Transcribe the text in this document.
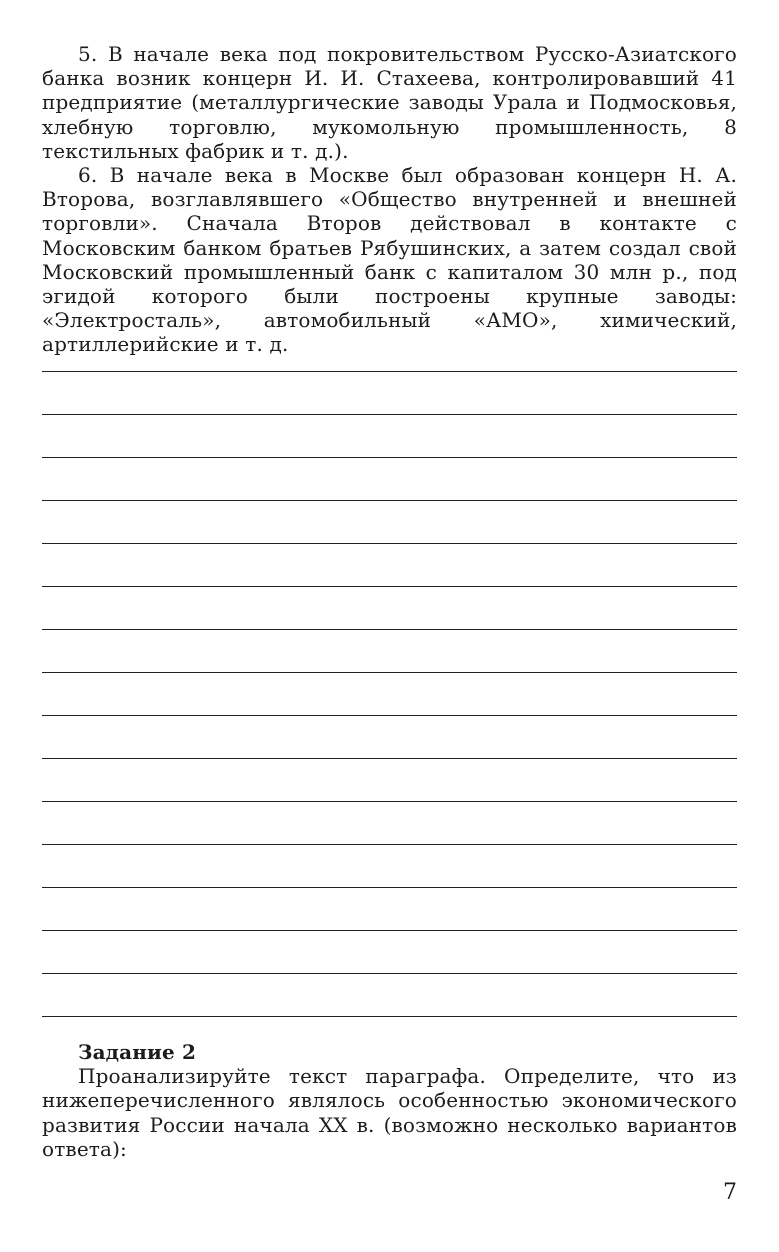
5. В начале века под покровительством Русско-Азиатского банка возник концерн И. И. Стахеева, контролировавший 41 предприятие (металлургические заводы Урала и Подмосковья, хлебную торговлю, мукомольную промышленность, 8 текстильных фабрик и т. д.).

6. В начале века в Москве был образован концерн Н. А. Второва, возглавлявшего «Общество внутренней и внешней торговли». Сначала Второв действовал в контакте с Московским банком братьев Рябушинских, а затем создал свой Московский промышленный банк с капиталом 30 млн р., под эгидой которого были построены крупные заводы: «Электросталь», автомобильный «АМО», химический, артиллерийские и т. д.

Задание 2

Проанализируйте текст параграфа. Определите, что из нижеперечисленного являлось особенностью экономического развития России начала XX в. (возможно несколько вариантов ответа):

7
